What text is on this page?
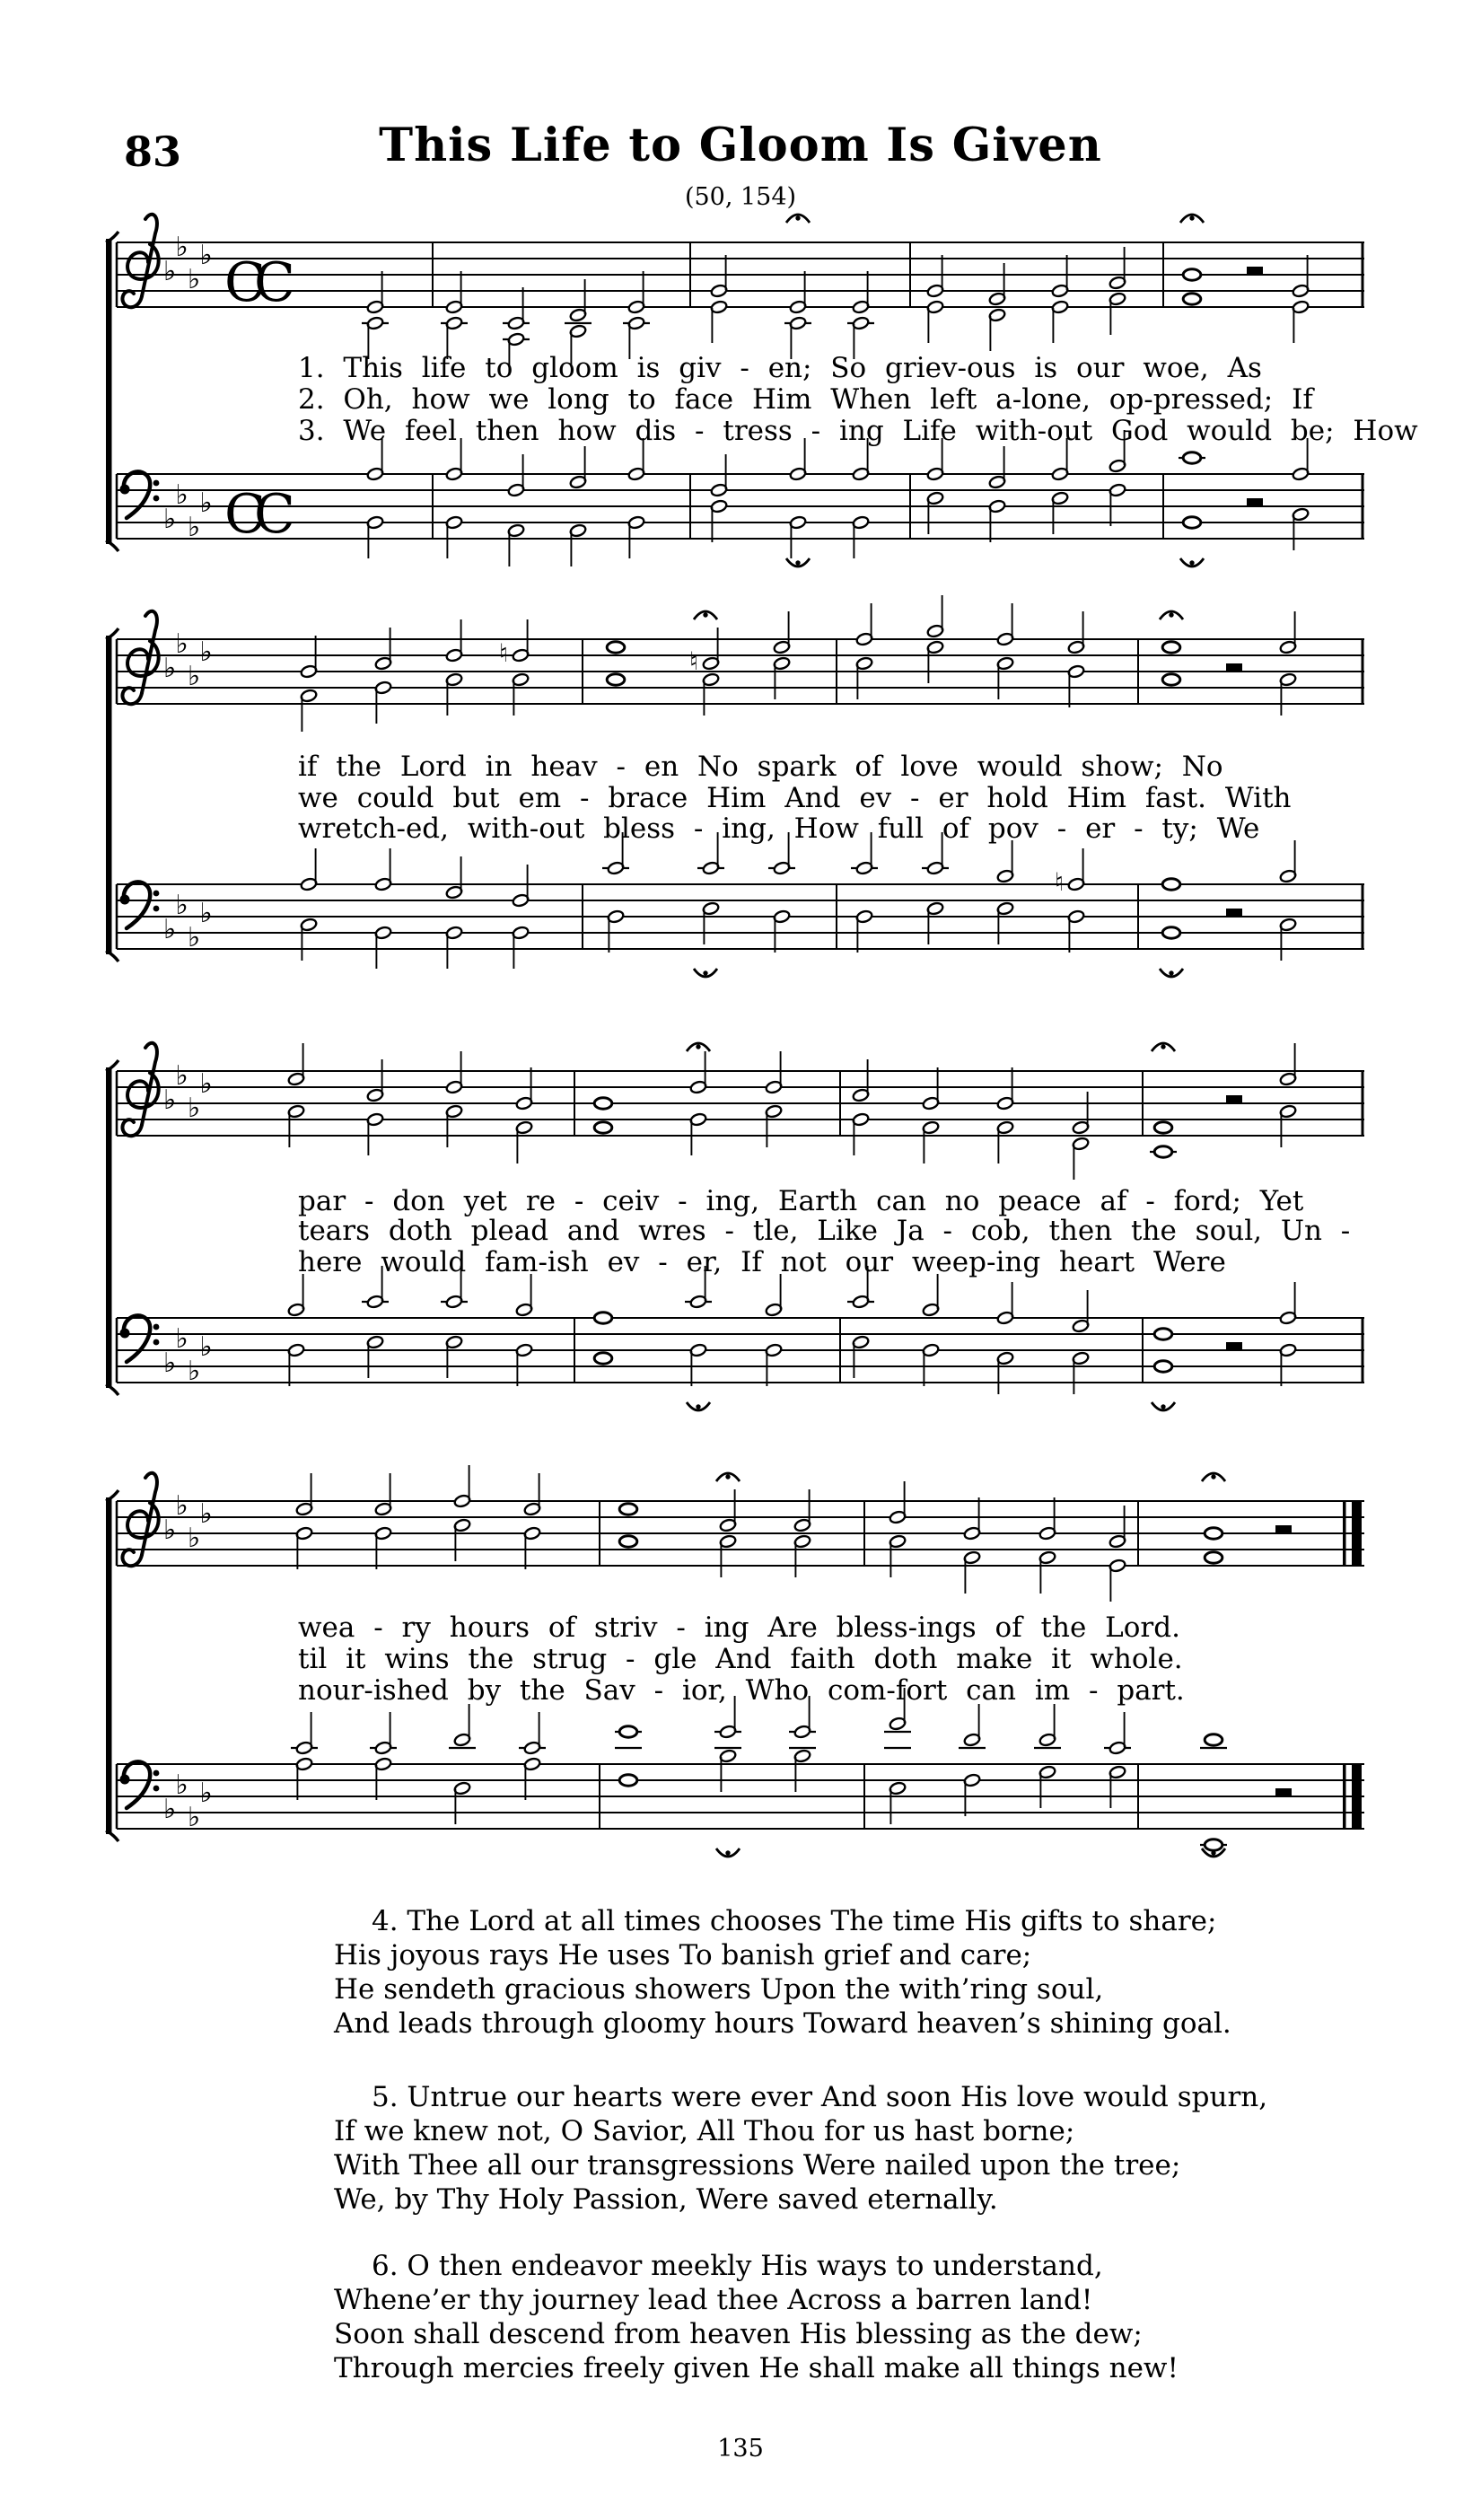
83	This Life to Gloom Is Given
(50, 154)
♭
♭
♭
♭ C
C
1. This life to gloom is giv - en; So griev-ous is our woe, As
2. Oh, how we long to face Him When left a-lone, op-pressed; If
3. We feel then how dis - tress - ing Life with-out God would be; How
♭
♭
♭
♭ C
C
♭
♭
♭
♭	♮	♮
if the Lord in heav - en No spark of love would show; No
we could but em - brace Him And ev - er hold Him fast. With
wretch-ed, with-out bless - ing, How full of pov - er - ty; We
♭
♭
♭
♭
♮
♭
♭
♭
♭
par - don yet re - ceiv - ing, Earth can no peace af - ford; Yet
tears doth plead and wres - tle, Like Ja - cob, then the soul, Un -
here would fam-ish ev - er, If not our weep-ing heart Were
♭
♭
♭
♭
♭
♭
♭
♭
wea - ry hours of striv - ing Are bless-ings of the Lord.
til it wins the strug - gle And faith doth make it whole.
nour-ished by the Sav - ior, Who com-fort can im - part.
♭
♭
♭
♭
4. The Lord at all times chooses The time His gifts to share;
His joyous rays He uses To banish grief and care;
He sendeth gracious showers Upon the with’ring soul,
And leads through gloomy hours Toward heaven’s shining goal.
5. Untrue our hearts were ever And soon His love would spurn,
If we knew not, O Savior, All Thou for us hast borne;
With Thee all our transgressions Were nailed upon the tree;
We, by Thy Holy Passion, Were saved eternally.
6. O then endeavor meekly His ways to understand,
Whene’er thy journey lead thee Across a barren land!
Soon shall descend from heaven His blessing as the dew;
Through mercies freely given He shall make all things new!
135
